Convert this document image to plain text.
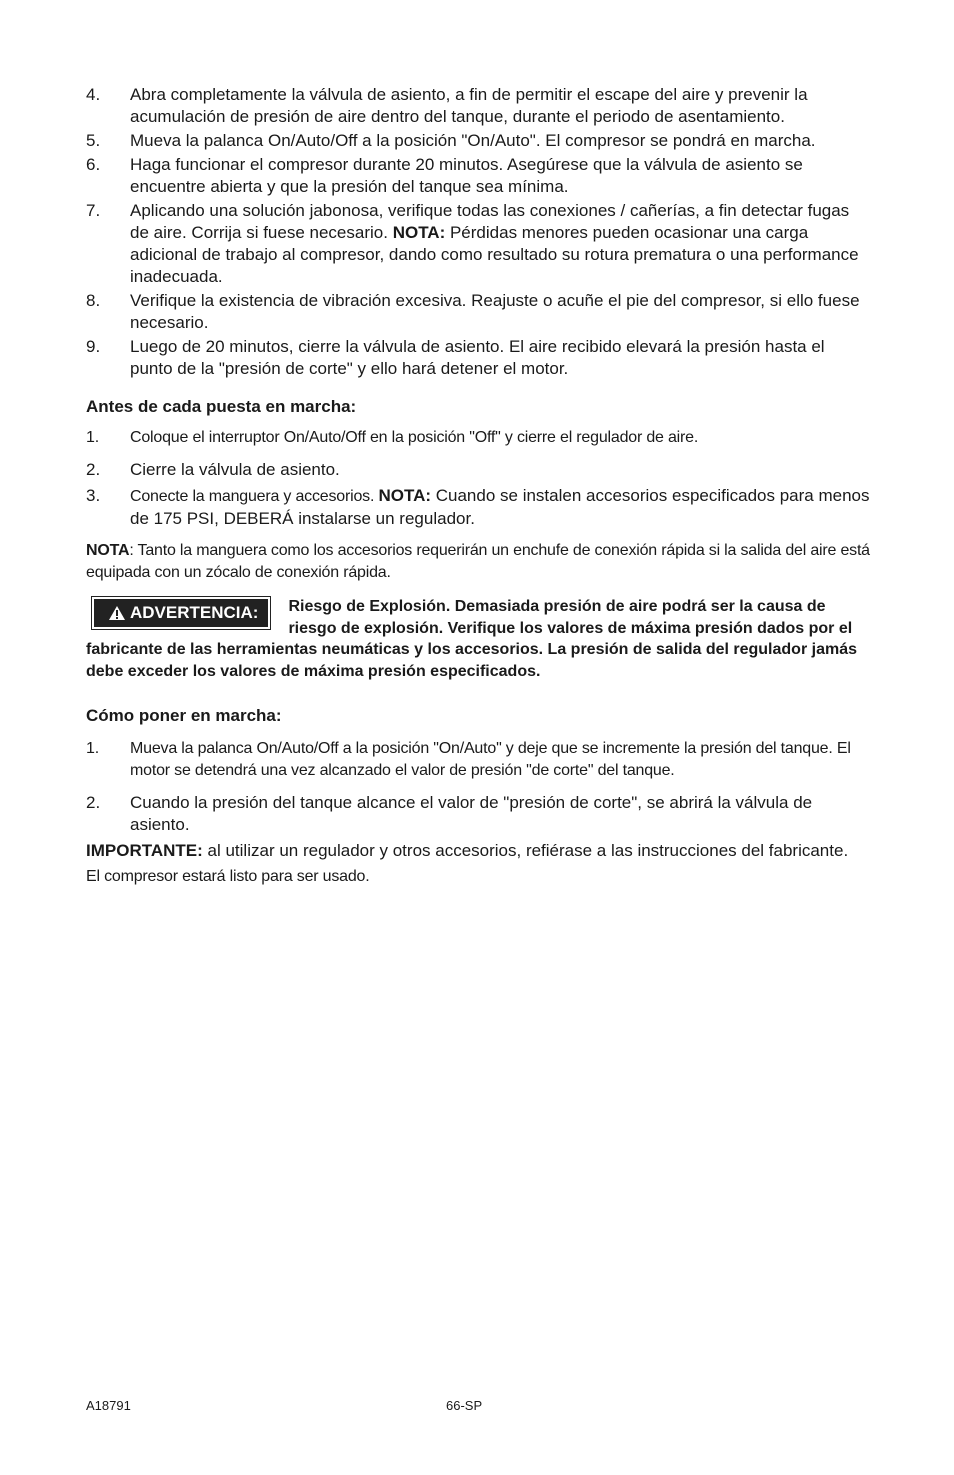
4. Abra completamente la válvula de asiento, a fin de permitir el escape del aire y prevenir la acumulación de presión de aire dentro del tanque, durante el periodo de asentamiento.
5. Mueva la palanca On/Auto/Off a la posición "On/Auto". El compresor se pondrá en marcha.
6. Haga funcionar el compresor durante 20 minutos. Asegúrese que la válvula de asiento se encuentre abierta y que la presión del tanque sea mínima.
7. Aplicando una solución jabonosa, verifique todas las conexiones / cañerías, a fin detectar fugas de aire. Corrija si fuese necesario. NOTA: Pérdidas menores pueden ocasionar una carga adicional de trabajo al compresor, dando como resultado su rotura prematura o una performance inadecuada.
8. Verifique la existencia de vibración excesiva. Reajuste o acuñe el pie del compresor, si ello fuese necesario.
9. Luego de 20 minutos, cierre la válvula de asiento. El aire recibido elevará la presión hasta el punto de la "presión de corte" y ello hará detener el motor.
Antes de cada puesta en marcha:
1. Coloque el interruptor On/Auto/Off en la posición "Off" y cierre el regulador de aire.
2. Cierre la válvula de asiento.
3. Conecte la manguera y accesorios. NOTA: Cuando se instalen accesorios especificados para menos de 175 PSI, DEBERÁ instalarse un regulador.

NOTA: Tanto la manguera como los accesorios requerirán un enchufe de conexión rápida si la salida del aire está equipada con un zócalo de conexión rápida.

ADVERTENCIA: Riesgo de Explosión. Demasiada presión de aire podrá ser la causa de riesgo de explosión. Verifique los valores de máxima presión dados por el fabricante de las herramientas neumáticas y los accesorios. La presión de salida del regulador jamás debe exceder los valores de máxima presión especificados.
Cómo poner en marcha:
1. Mueva la palanca On/Auto/Off a la posición "On/Auto" y deje que se incremente la presión del tanque. El motor se detendrá una vez alcanzado el valor de presión "de corte" del tanque.
2. Cuando la presión del tanque alcance el valor de "presión de corte", se abrirá la válvula de asiento.

IMPORTANTE: al utilizar un regulador y otros accesorios, refiérase a las instrucciones del fabricante.

El compresor estará listo para ser usado.

A18791	66-SP
